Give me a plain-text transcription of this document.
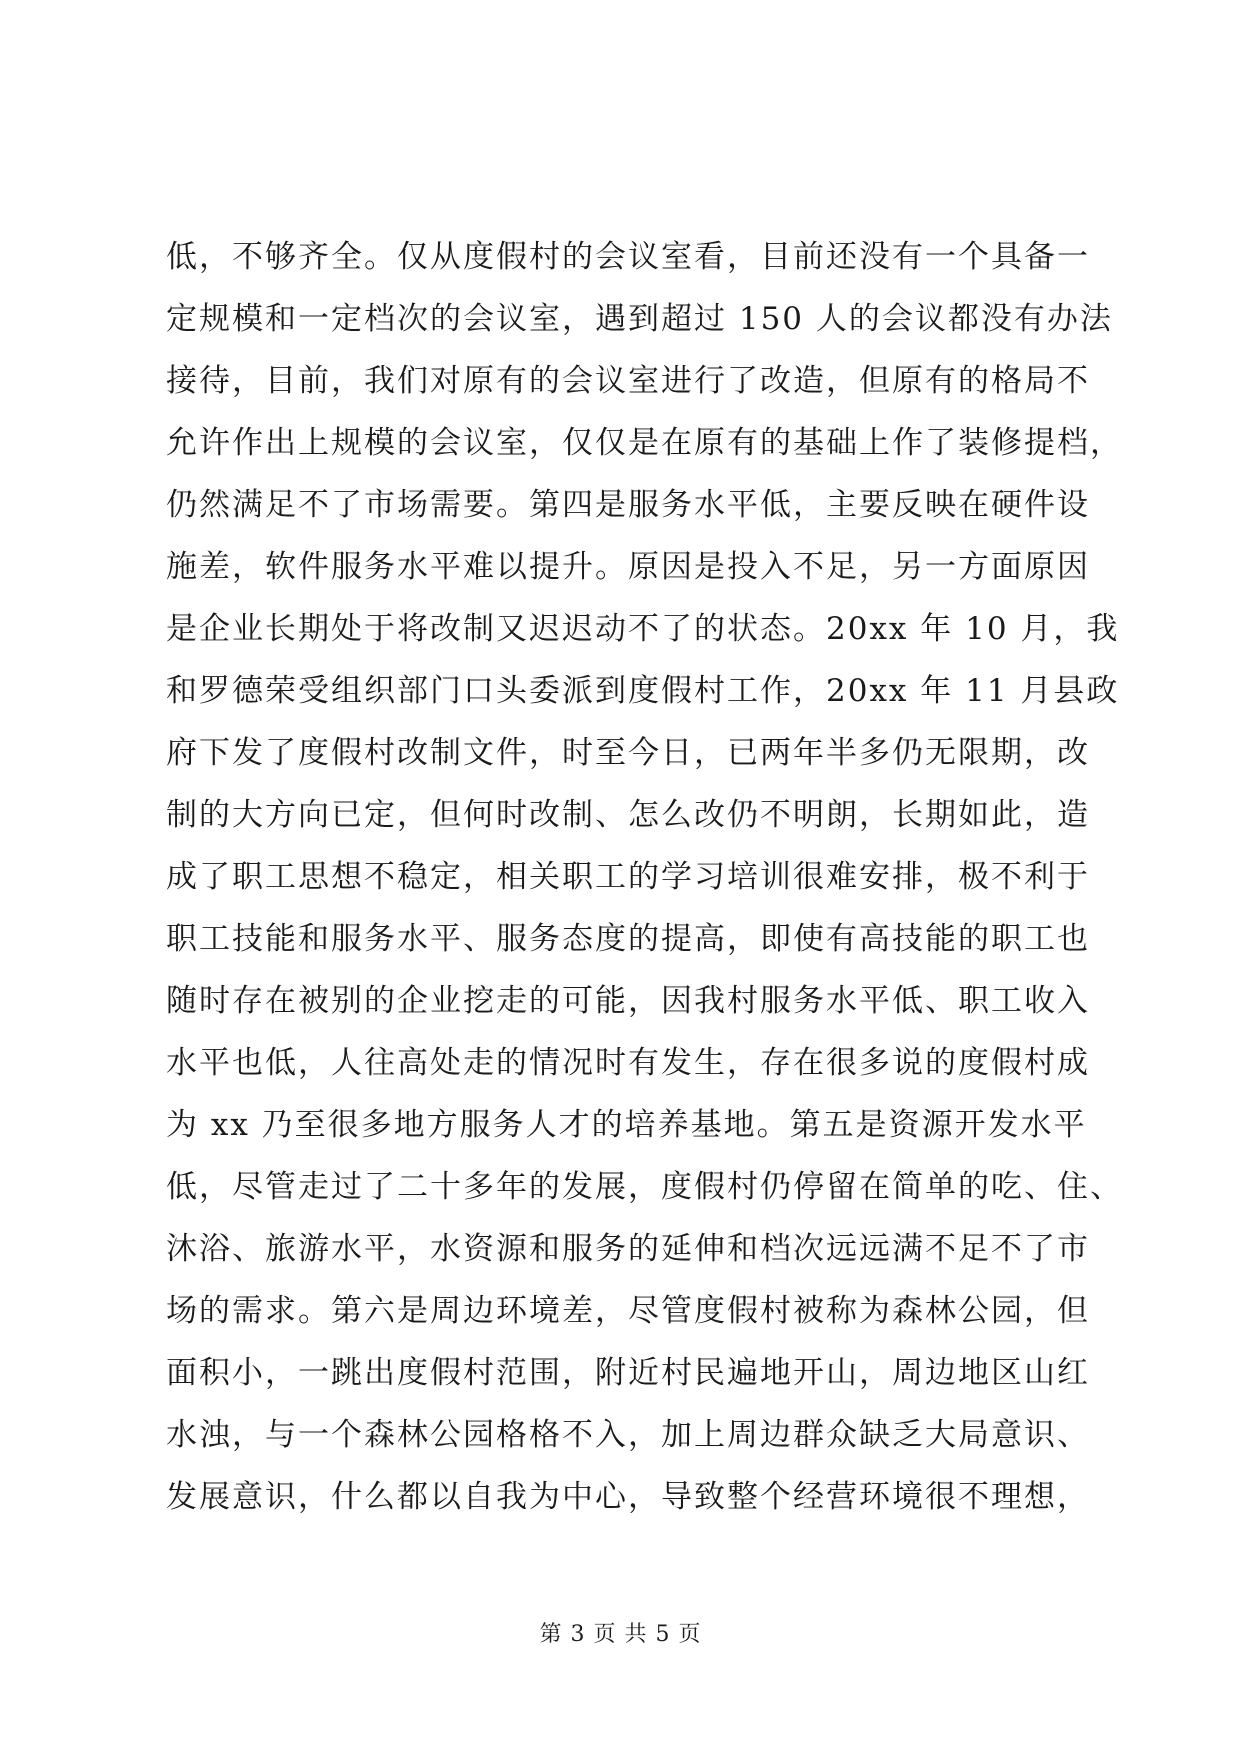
低，不够齐全。仅从度假村的会议室看，目前还没有一个具备一
定规模和一定档次的会议室，遇到超过 150 人的会议都没有办法
接待，目前，我们对原有的会议室进行了改造，但原有的格局不
允许作出上规模的会议室，仅仅是在原有的基础上作了装修提档，
仍然满足不了市场需要。第四是服务水平低，主要反映在硬件设
施差，软件服务水平难以提升。原因是投入不足，另一方面原因
是企业长期处于将改制又迟迟动不了的状态。20xx 年 10 月，我
和罗德荣受组织部门口头委派到度假村工作，20xx 年 11 月县政
府下发了度假村改制文件，时至今日，已两年半多仍无限期，改
制的大方向已定，但何时改制、怎么改仍不明朗，长期如此，造
成了职工思想不稳定，相关职工的学习培训很难安排，极不利于
职工技能和服务水平、服务态度的提高，即使有高技能的职工也
随时存在被别的企业挖走的可能，因我村服务水平低、职工收入
水平也低，人往高处走的情况时有发生，存在很多说的度假村成
为 xx 乃至很多地方服务人才的培养基地。第五是资源开发水平
低，尽管走过了二十多年的发展，度假村仍停留在简单的吃、住、
沐浴、旅游水平，水资源和服务的延伸和档次远远满不足不了市
场的需求。第六是周边环境差，尽管度假村被称为森林公园，但
面积小，一跳出度假村范围，附近村民遍地开山，周边地区山红
水浊，与一个森林公园格格不入，加上周边群众缺乏大局意识、
发展意识，什么都以自我为中心，导致整个经营环境很不理想，
第 3 页 共 5 页
